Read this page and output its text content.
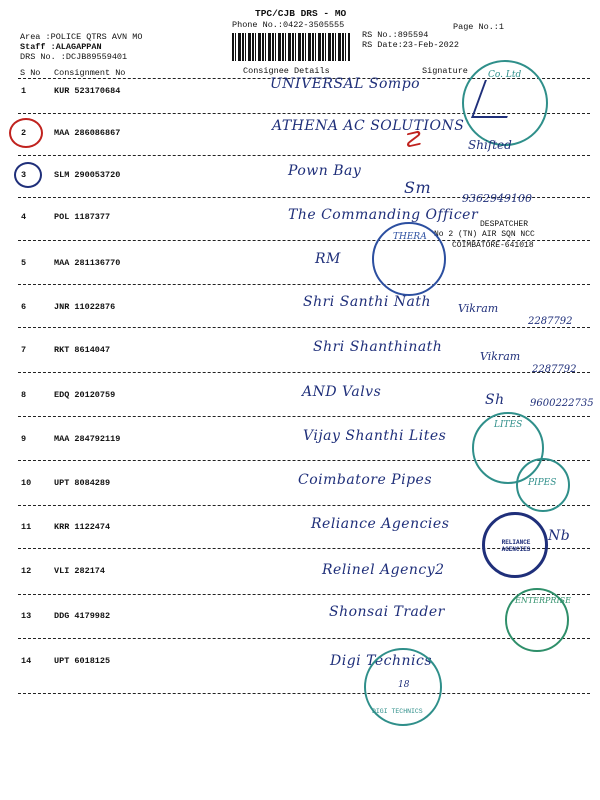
TPC/CJB DRS - MO
Phone No.:0422-3505555
Area :POLICE QTRS AVN MO
Staff :ALAGAPPAN
DRS No. :DCJB89559401
RS No.:895594
RS Date:23-Feb-2022
Page No.:1
S No Consignment No	Consignee Details	Signature
1	KUR 523170684	UNIVERSAL Sompo
2	MAA 286086867	ATHENA AC SOLUTIONS
3	SLM 290053720	Pown Bay
4	POL 1187377	The Commanding Officer
5	MAA 281136770	RM
6	JNR 11022876	Shri Santhi Nath
7	RKT 8614047	Shri Shanthinath
8	EDQ 20120759	AND Valvs
9	MAA 284792119	Vijay Shanthi Lites
10	UPT 8084289	Coimbatore Pipes
11	KRR 1122474	Reliance Agencies
12	VLI 282174	Relinel Agency2
13	DDG 4179982	Shonsai Trader
14	UPT 6018125	Digi Technics
Co. Ltd
☡	Shifted
Sm
9362949100
DESPATCHER
No 2 (TN) AIR SQN NCC
COIMBATORE-641018
THERA
Vikram
2287792
Vikram
2287792
Sh	9600222735
LITES
PIPES
RELIANCE AGENCIES
Nb
ENTERPRISE
DIGI TECHNICS
18
